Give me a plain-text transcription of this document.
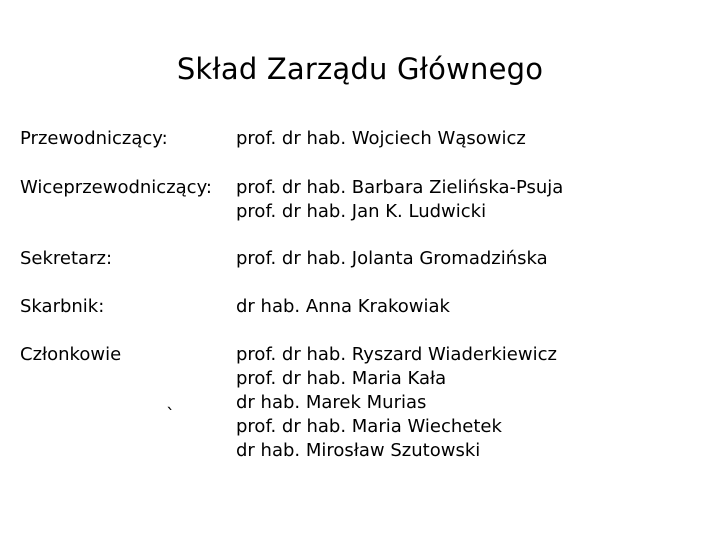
Skład Zarządu Głównego
Przewodniczący:	prof. dr hab. Wojciech Wąsowicz
Wiceprzewodniczący: prof. dr hab. Barbara Zielińska-Psuja
prof. dr hab. Jan K. Ludwicki
Sekretarz:	prof. dr hab. Jolanta Gromadzińska
Skarbnik:	dr hab. Anna Krakowiak
Członkowie	prof. dr hab. Ryszard Wiaderkiewicz
prof. dr hab. Maria Kała
dr hab. Marek Murias
prof. dr hab. Maria Wiechetek
dr hab. Mirosław Szutowski
`
